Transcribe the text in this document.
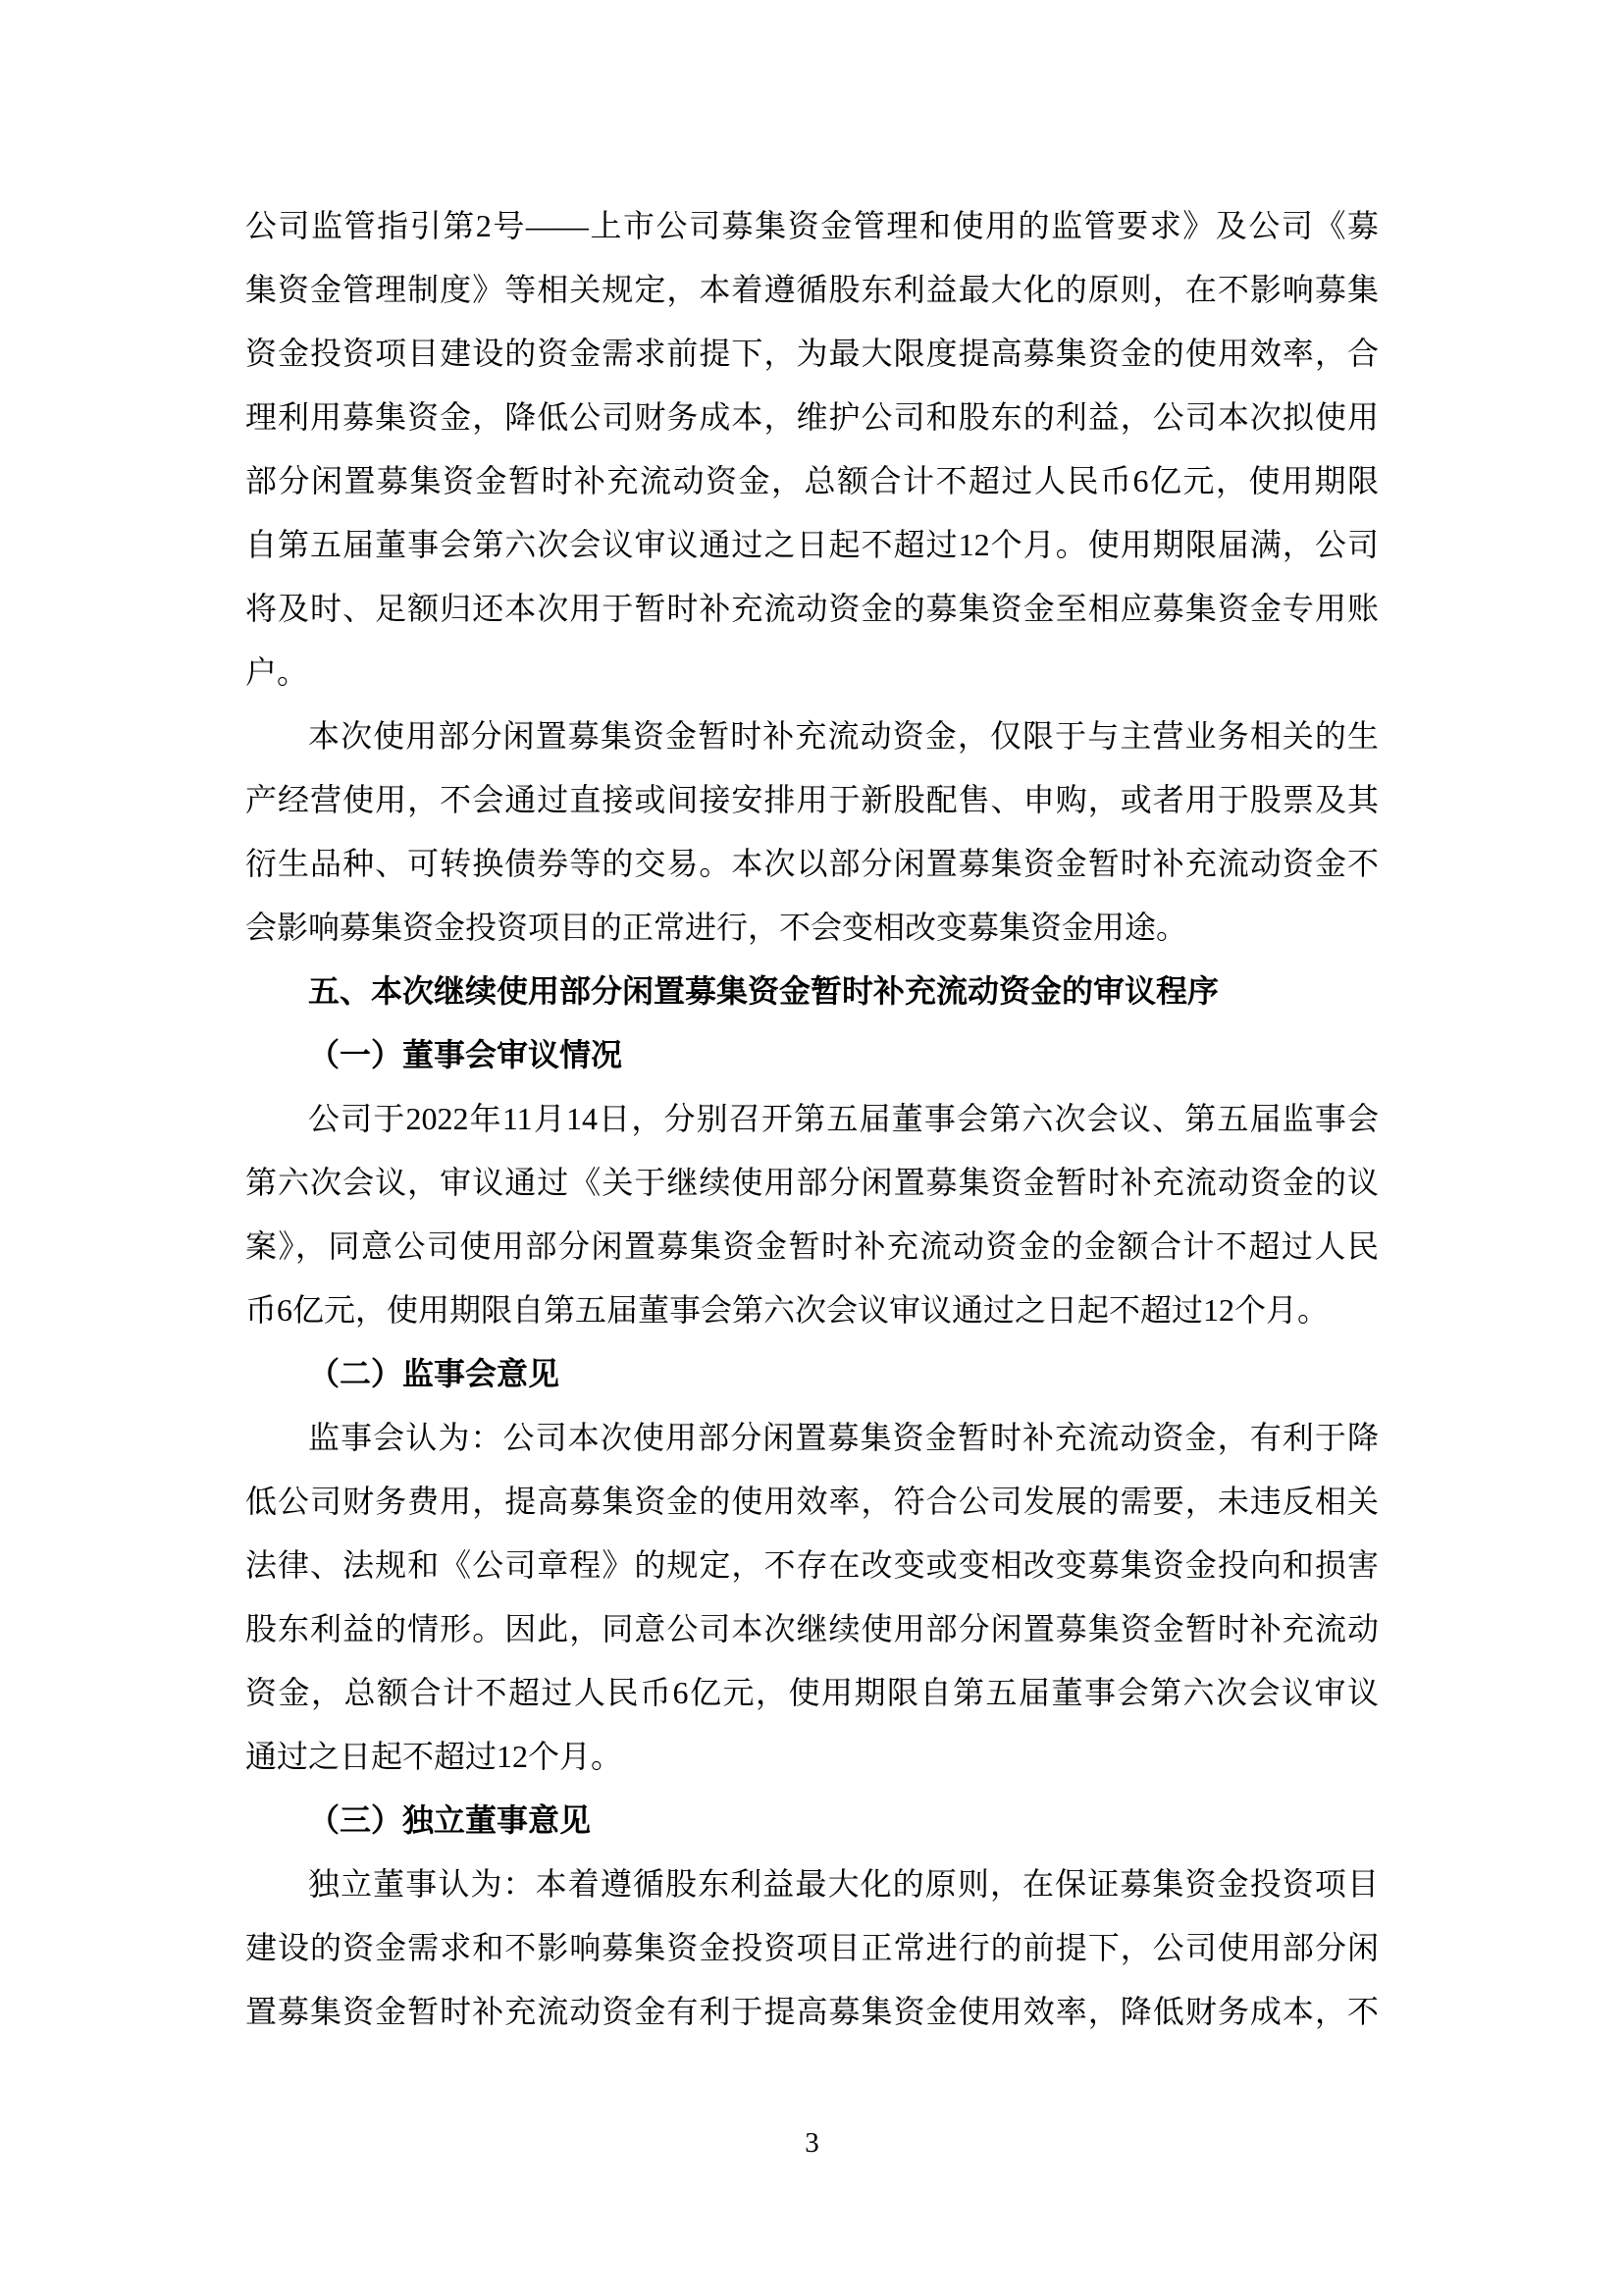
公司监管指引第2号——上市公司募集资金管理和使用的监管要求》及公司《募
集资金管理制度》等相关规定，本着遵循股东利益最大化的原则，在不影响募集
资金投资项目建设的资金需求前提下，为最大限度提高募集资金的使用效率，合
理利用募集资金，降低公司财务成本，维护公司和股东的利益，公司本次拟使用
部分闲置募集资金暂时补充流动资金，总额合计不超过人民币6亿元，使用期限
自第五届董事会第六次会议审议通过之日起不超过12个月。使用期限届满，公司
将及时、足额归还本次用于暂时补充流动资金的募集资金至相应募集资金专用账
户。
本次使用部分闲置募集资金暂时补充流动资金，仅限于与主营业务相关的生
产经营使用，不会通过直接或间接安排用于新股配售、申购，或者用于股票及其
衍生品种、可转换债券等的交易。本次以部分闲置募集资金暂时补充流动资金不
会影响募集资金投资项目的正常进行，不会变相改变募集资金用途。
五、本次继续使用部分闲置募集资金暂时补充流动资金的审议程序
（一）董事会审议情况
公司于2022年11月14日，分别召开第五届董事会第六次会议、第五届监事会
第六次会议，审议通过《关于继续使用部分闲置募集资金暂时补充流动资金的议
案》，同意公司使用部分闲置募集资金暂时补充流动资金的金额合计不超过人民
币6亿元，使用期限自第五届董事会第六次会议审议通过之日起不超过12个月。
（二）监事会意见
监事会认为：公司本次使用部分闲置募集资金暂时补充流动资金，有利于降
低公司财务费用，提高募集资金的使用效率，符合公司发展的需要，未违反相关
法律、法规和《公司章程》的规定，不存在改变或变相改变募集资金投向和损害
股东利益的情形。因此，同意公司本次继续使用部分闲置募集资金暂时补充流动
资金，总额合计不超过人民币6亿元，使用期限自第五届董事会第六次会议审议
通过之日起不超过12个月。
（三）独立董事意见
独立董事认为：本着遵循股东利益最大化的原则，在保证募集资金投资项目
建设的资金需求和不影响募集资金投资项目正常进行的前提下，公司使用部分闲
置募集资金暂时补充流动资金有利于提高募集资金使用效率，降低财务成本，不
3
